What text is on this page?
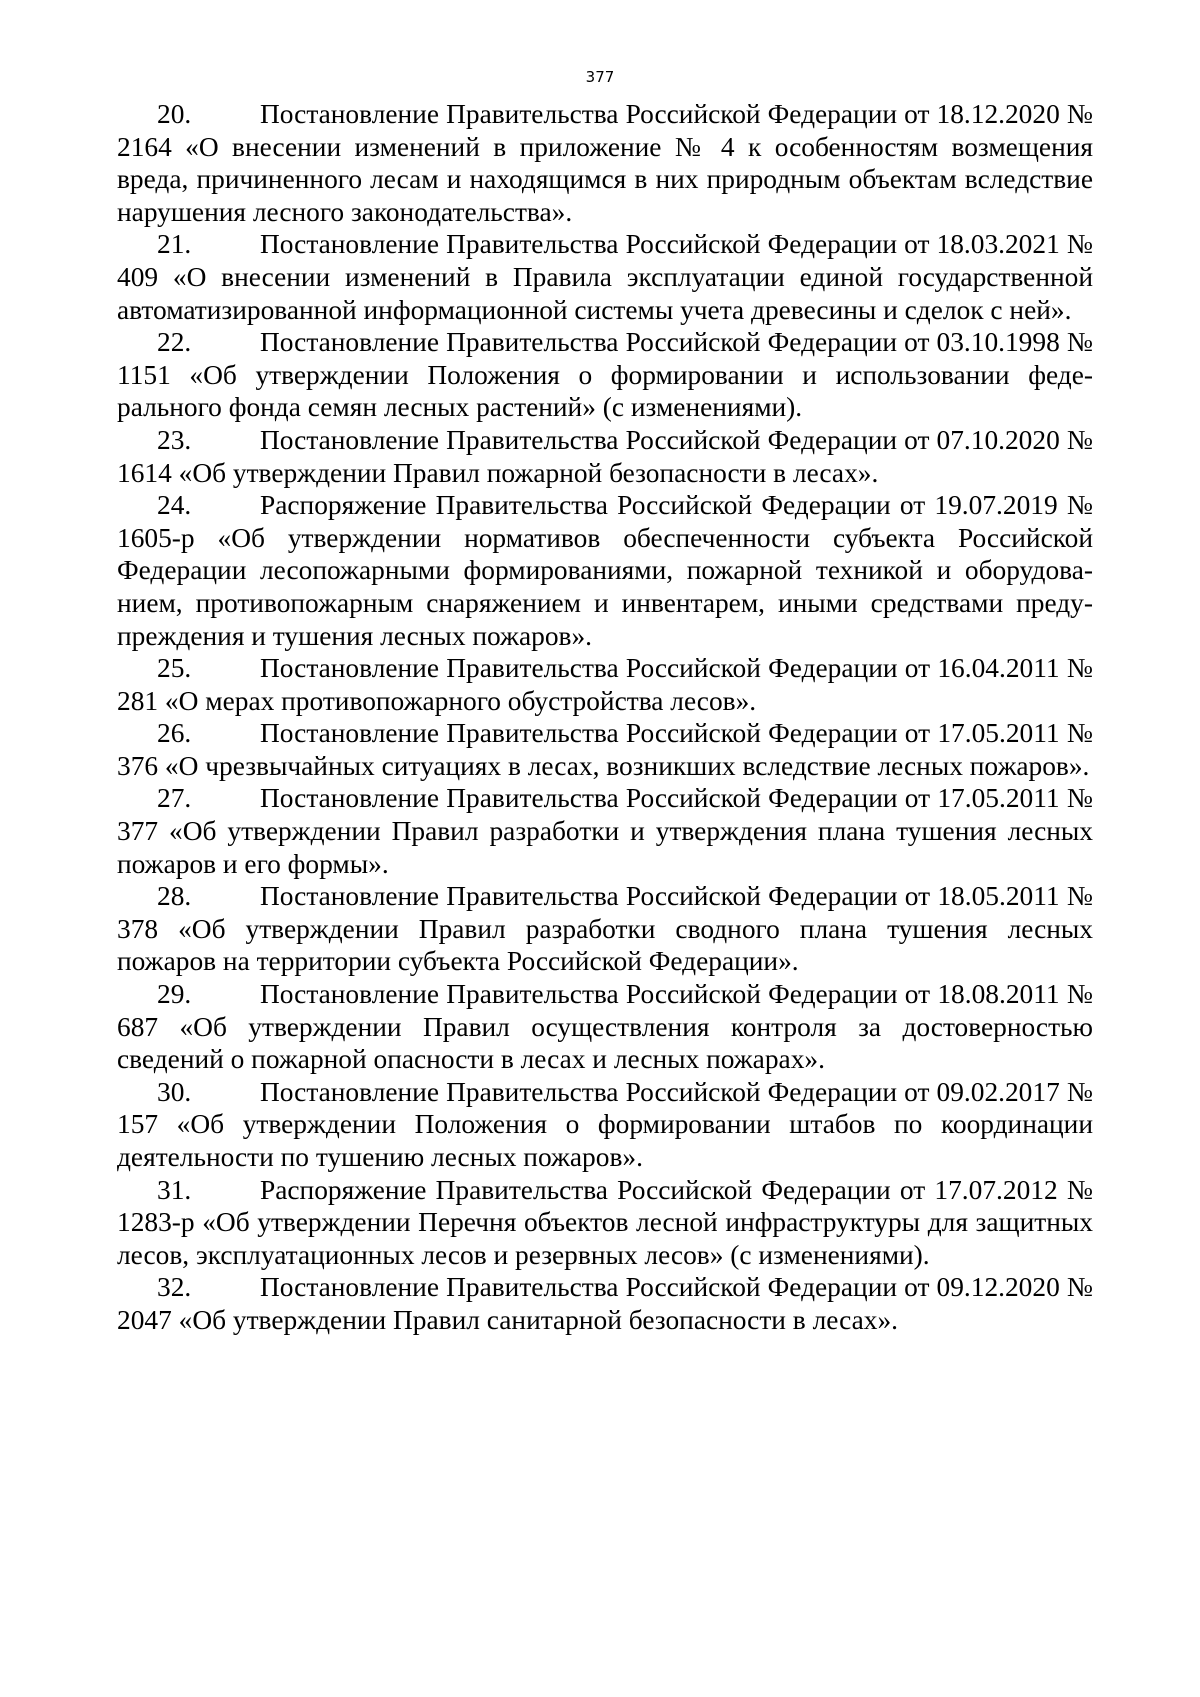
377

20.	Постановление Правительства Российской Федерации от 18.12.2020 № 2164 «О внесении изменений в приложение № 4 к особенностям возмещения вреда, причиненного лесам и находящимся в них природным объектам вследствие нарушения лесного законодательства».

21.	Постановление Правительства Российской Федерации от 18.03.2021 № 409 «О внесении изменений в Правила эксплуатации единой государственной автоматизированной информационной системы учета древесины и сделок с ней».

22.	Постановление Правительства Российской Федерации от 03.10.1998 № 1151 «Об утверждении Положения о формировании и использовании федерального фонда семян лесных растений» (с изменениями).

23.	Постановление Правительства Российской Федерации от 07.10.2020 № 1614 «Об утверждении Правил пожарной безопасности в лесах».

24.	Распоряжение Правительства Российской Федерации от 19.07.2019 № 1605-р «Об утверждении нормативов обеспеченности субъекта Российской Федерации лесопожарными формированиями, пожарной техникой и оборудованием, противопожарным снаряжением и инвентарем, иными средствами предупреждения и тушения лесных пожаров».

25.	Постановление Правительства Российской Федерации от 16.04.2011 № 281 «О мерах противопожарного обустройства лесов».

26.	Постановление Правительства Российской Федерации от 17.05.2011 № 376 «О чрезвычайных ситуациях в лесах, возникших вследствие лесных пожаров».

27.	Постановление Правительства Российской Федерации от 17.05.2011 № 377 «Об утверждении Правил разработки и утверждения плана тушения лесных пожаров и его формы».

28.	Постановление Правительства Российской Федерации от 18.05.2011 № 378 «Об утверждении Правил разработки сводного плана тушения лесных пожаров на территории субъекта Российской Федерации».

29.	Постановление Правительства Российской Федерации от 18.08.2011 № 687 «Об утверждении Правил осуществления контроля за достоверностью сведений о пожарной опасности в лесах и лесных пожарах».

30.	Постановление Правительства Российской Федерации от 09.02.2017 № 157 «Об утверждении Положения о формировании штабов по координации деятельности по тушению лесных пожаров».

31.	Распоряжение Правительства Российской Федерации от 17.07.2012 № 1283-р «Об утверждении Перечня объектов лесной инфраструктуры для защитных лесов, эксплуатационных лесов и резервных лесов» (с изменениями).

32.	Постановление Правительства Российской Федерации от 09.12.2020 № 2047 «Об утверждении Правил санитарной безопасности в лесах».
